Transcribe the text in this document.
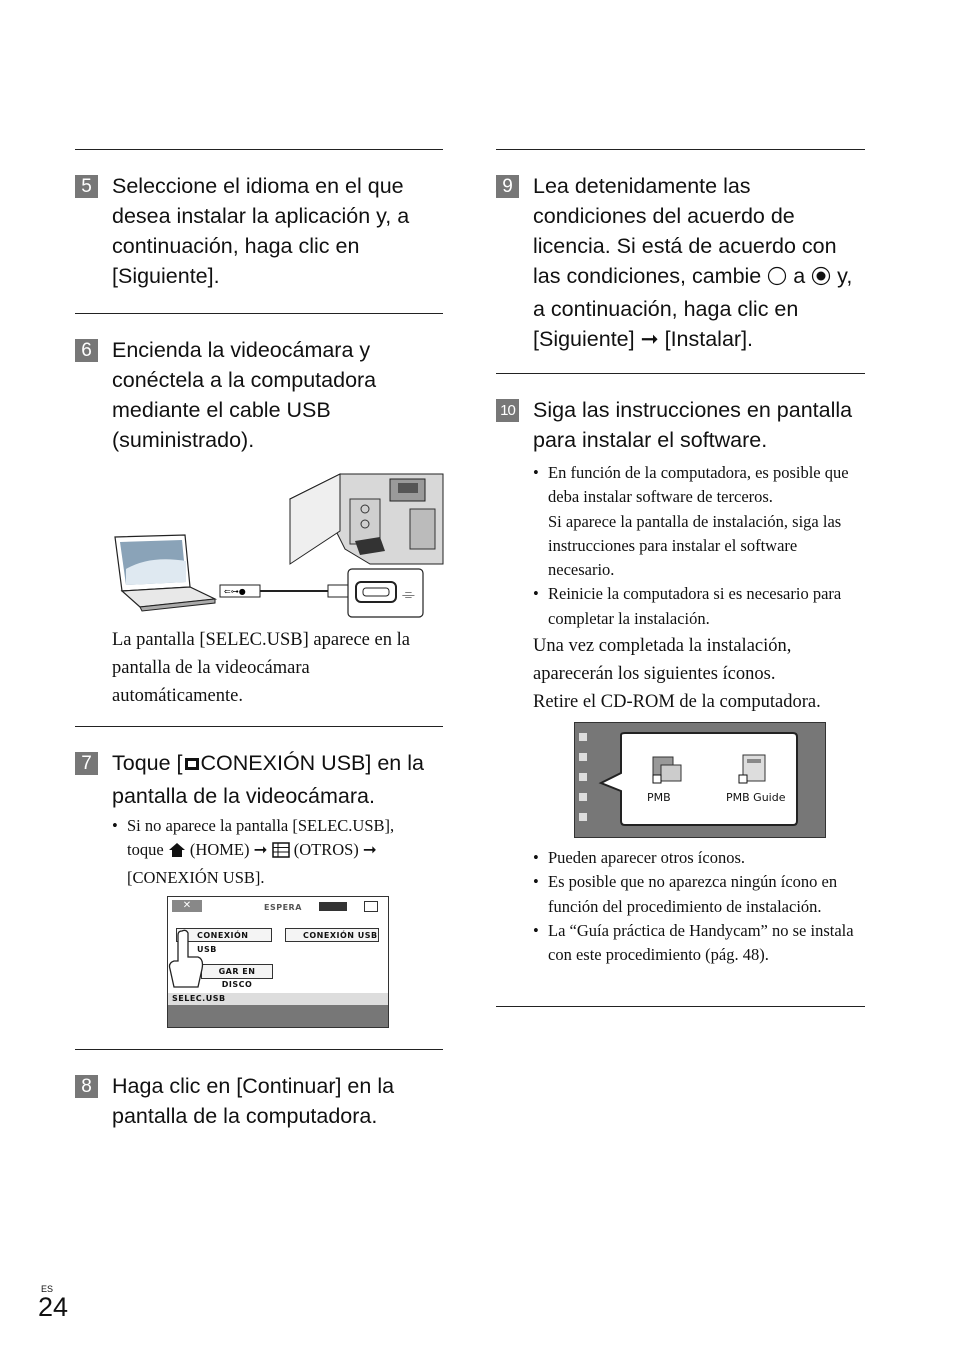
5 Seleccione el idioma en el que desea instalar la aplicación y, a continuación, haga clic en [Siguiente].
6 Encienda la videocámara y conéctela a la computadora mediante el cable USB (suministrado).
⇐⊶●	⌯
La pantalla [SELEC.USB] aparece en la pantalla de la videocámara automáticamente.
7 Toque [ CONEXIÓN USB] en la pantalla de la videocámara.
• Si no aparece la pantalla [SELEC.USB],
toque (HOME) ➞ (OTROS) ➞
[CONEXIÓN USB].
✕	ESPERA
CONEXIÓN USB
CONEXIÓN USB
GAR EN DISCO
SELEC.USB
8 Haga clic en [Continuar] en la pantalla de la computadora.
9 Lea detenidamente las condiciones del acuerdo de licencia. Si está de acuerdo con las condiciones, cambie a y, a continuación, haga clic en [Siguiente] ➞ [Instalar].
10 Siga las instrucciones en pantalla para instalar el software.
• En función de la computadora, es posible que deba instalar software de terceros.
Si aparece la pantalla de instalación, siga las instrucciones para instalar el software necesario.
• Reinicie la computadora si es necesario para completar la instalación.
Una vez completada la instalación, aparecerán los siguientes íconos.
Retire el CD-ROM de la computadora.
PMB	PMB Guide
• Pueden aparecer otros íconos.
• Es posible que no aparezca ningún ícono en función del procedimiento de instalación.
• La “Guía práctica de Handycam” no se instala con este procedimiento (pág. 48).
ES
24
